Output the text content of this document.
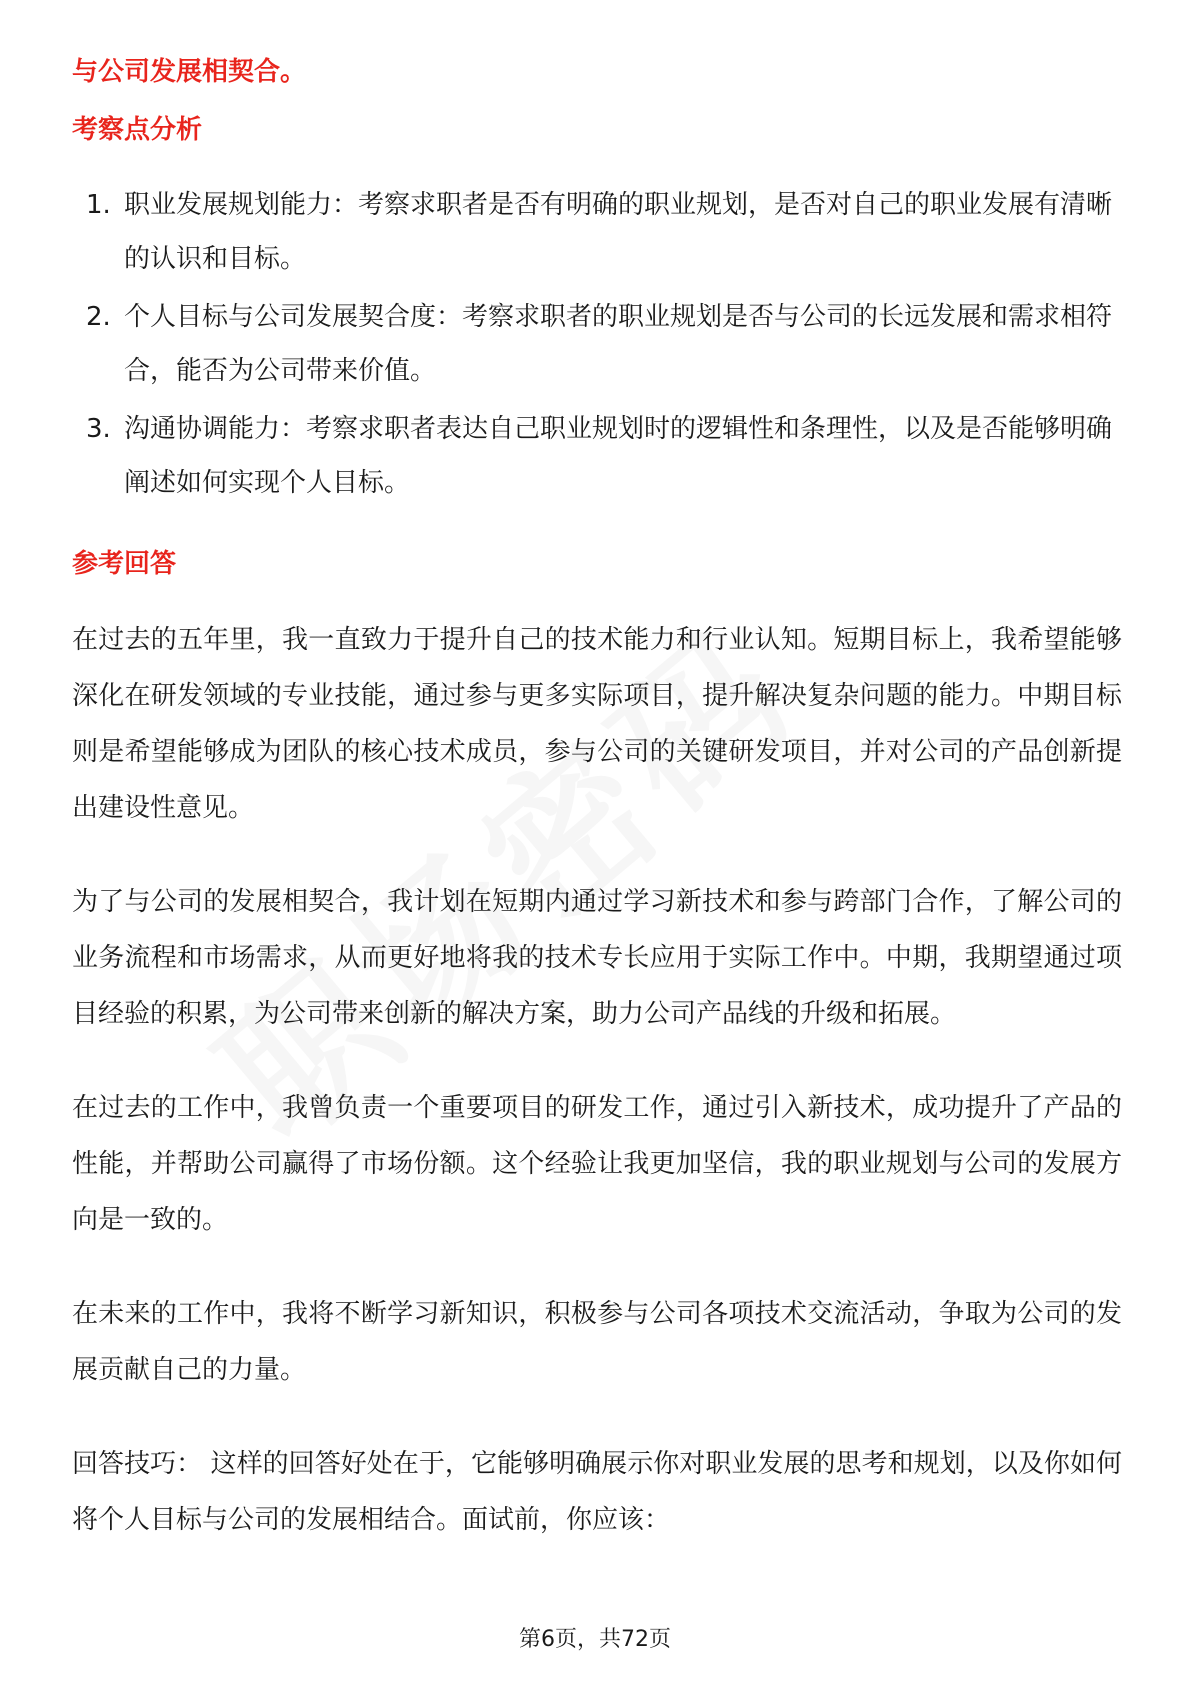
与公司发展相契合。

考察点分析
1. 职业发展规划能力：考察求职者是否有明确的职业规划，是否对自己的职业发展有清晰的认识和目标。
2. 个人目标与公司发展契合度：考察求职者的职业规划是否与公司的长远发展和需求相符合，能否为公司带来价值。
3. 沟通协调能力：考察求职者表达自己职业规划时的逻辑性和条理性，以及是否能够明确阐述如何实现个人目标。
参考回答

在过去的五年里，我一直致力于提升自己的技术能力和行业认知。短期目标上，我希望能够深化在研发领域的专业技能，通过参与更多实际项目，提升解决复杂问题的能力。中期目标则是希望能够成为团队的核心技术成员，参与公司的关键研发项目，并对公司的产品创新提出建设性意见。

为了与公司的发展相契合，我计划在短期内通过学习新技术和参与跨部门合作，了解公司的业务流程和市场需求，从而更好地将我的技术专长应用于实际工作中。中期，我期望通过项目经验的积累，为公司带来创新的解决方案，助力公司产品线的升级和拓展。

在过去的工作中，我曾负责一个重要项目的研发工作，通过引入新技术，成功提升了产品的性能，并帮助公司赢得了市场份额。这个经验让我更加坚信，我的职业规划与公司的发展方向是一致的。

在未来的工作中，我将不断学习新知识，积极参与公司各项技术交流活动，争取为公司的发展贡献自己的力量。

回答技巧： 这样的回答好处在于，它能够明确展示你对职业发展的思考和规划，以及你如何将个人目标与公司的发展相结合。面试前，你应该：

第6页，共72页
